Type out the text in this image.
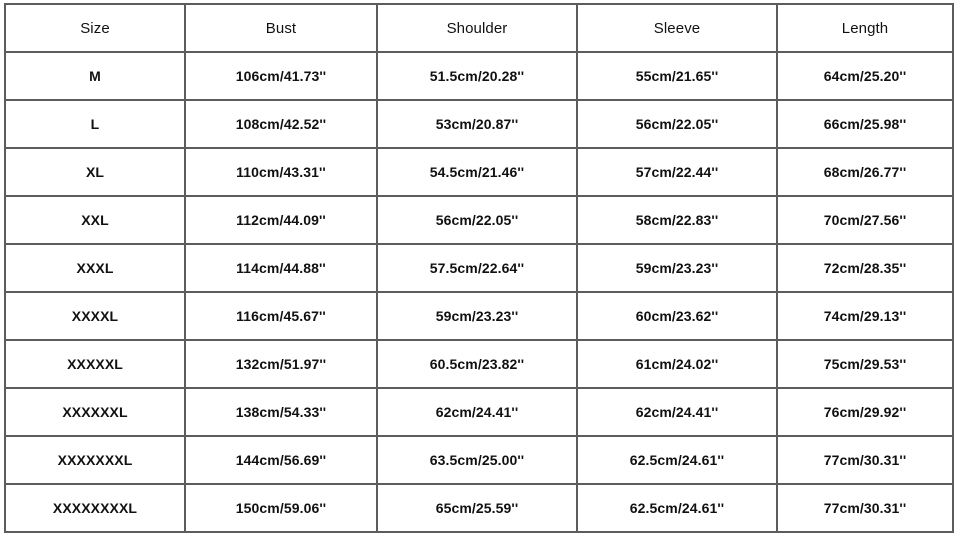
Size	Bust	Shoulder	Sleeve	Length
M	106cm/41.73''	51.5cm/20.28''	55cm/21.65''	64cm/25.20''
L	108cm/42.52''	53cm/20.87''	56cm/22.05''	66cm/25.98''
XL	110cm/43.31''	54.5cm/21.46''	57cm/22.44''	68cm/26.77''
XXL	112cm/44.09''	56cm/22.05''	58cm/22.83''	70cm/27.56''
XXXL	114cm/44.88''	57.5cm/22.64''	59cm/23.23''	72cm/28.35''
XXXXL	116cm/45.67''	59cm/23.23''	60cm/23.62''	74cm/29.13''
XXXXXL	132cm/51.97''	60.5cm/23.82''	61cm/24.02''	75cm/29.53''
XXXXXXL	138cm/54.33''	62cm/24.41''	62cm/24.41''	76cm/29.92''
XXXXXXXL	144cm/56.69''	63.5cm/25.00''	62.5cm/24.61''	77cm/30.31''
XXXXXXXXL	150cm/59.06''	65cm/25.59''	62.5cm/24.61''	77cm/30.31''
